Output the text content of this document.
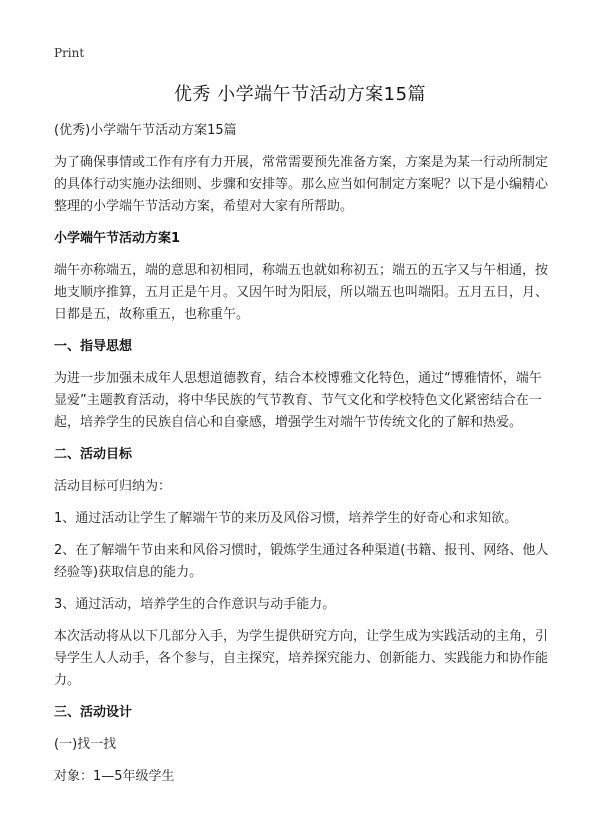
Print
优秀 小学端午节活动方案15篇

(优秀)小学端午节活动方案15篇

为了确保事情或工作有序有力开展，常常需要预先准备方案，方案是为某一行动所制定的具体行动实施办法细则、步骤和安排等。那么应当如何制定方案呢？以下是小编精心整理的小学端午节活动方案，希望对大家有所帮助。

小学端午节活动方案1

端午亦称端五，端的意思和初相同，称端五也就如称初五；端五的五字又与午相通，按地支顺序推算，五月正是午月。又因午时为阳辰，所以端五也叫端阳。五月五日，月、日都是五，故称重五，也称重午。

一、指导思想

为进一步加强未成年人思想道德教育，结合本校博雅文化特色，通过“博雅情怀，端午显爱”主题教育活动，将中华民族的气节教育、节气文化和学校特色文化紧密结合在一起，培养学生的民族自信心和自豪感，增强学生对端午节传统文化的了解和热爱。

二、活动目标

活动目标可归纳为：

1、通过活动让学生了解端午节的来历及风俗习惯，培养学生的好奇心和求知欲。

2、在了解端午节由来和风俗习惯时，锻炼学生通过各种渠道(书籍、报刊、网络、他人经验等)获取信息的能力。

3、通过活动，培养学生的合作意识与动手能力。

本次活动将从以下几部分入手，为学生提供研究方向，让学生成为实践活动的主角，引导学生人人动手，各个参与，自主探究，培养探究能力、创新能力、实践能力和协作能力。

三、活动设计

(一)找一找

对象：1—5年级学生
